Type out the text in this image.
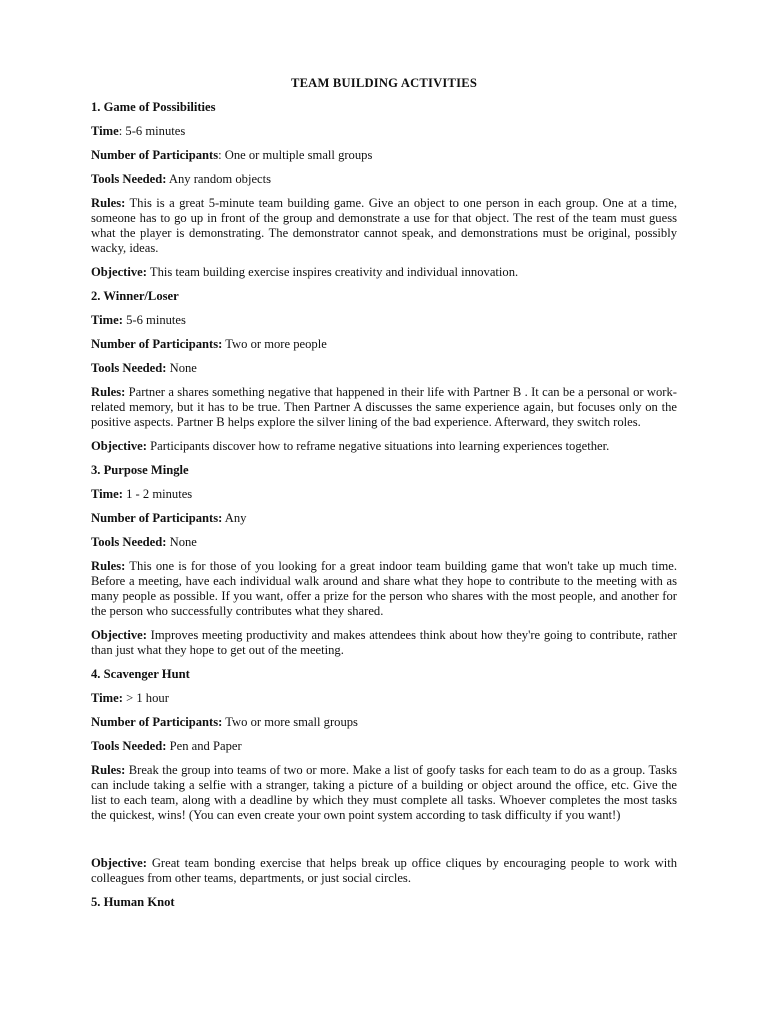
TEAM BUILDING ACTIVITIES
1. Game of Possibilities
Time: 5-6 minutes
Number of Participants: One or multiple small groups
Tools Needed: Any random objects
Rules: This is a great 5-minute team building game. Give an object to one person in each group. One at a time, someone has to go up in front of the group and demonstrate a use for that object. The rest of the team must guess what the player is demonstrating. The demonstrator cannot speak, and demonstrations must be original, possibly wacky, ideas.
Objective: This team building exercise inspires creativity and individual innovation.
2. Winner/Loser
Time: 5-6 minutes
Number of Participants: Two or more people
Tools Needed: None
Rules: Partner a shares something negative that happened in their life with Partner B . It can be a personal or work-related memory, but it has to be true. Then Partner A discusses the same experience again, but focuses only on the positive aspects. Partner B helps explore the silver lining of the bad experience. Afterward, they switch roles.
Objective: Participants discover how to reframe negative situations into learning experiences together.
3. Purpose Mingle
Time: 1 - 2 minutes
Number of Participants: Any
Tools Needed: None
Rules: This one is for those of you looking for a great indoor team building game that won't take up much time. Before a meeting, have each individual walk around and share what they hope to contribute to the meeting with as many people as possible. If you want, offer a prize for the person who shares with the most people, and another for the person who successfully contributes what they shared.
Objective: Improves meeting productivity and makes attendees think about how they're going to contribute, rather than just what they hope to get out of the meeting.
4. Scavenger Hunt
Time: > 1 hour
Number of Participants: Two or more small groups
Tools Needed: Pen and Paper
Rules: Break the group into teams of two or more. Make a list of goofy tasks for each team to do as a group. Tasks can include taking a selfie with a stranger, taking a picture of a building or object around the office, etc. Give the list to each team, along with a deadline by which they must complete all tasks. Whoever completes the most tasks the quickest, wins! (You can even create your own point system according to task difficulty if you want!)
Objective: Great team bonding exercise that helps break up office cliques by encouraging people to work with colleagues from other teams, departments, or just social circles.
5. Human Knot
